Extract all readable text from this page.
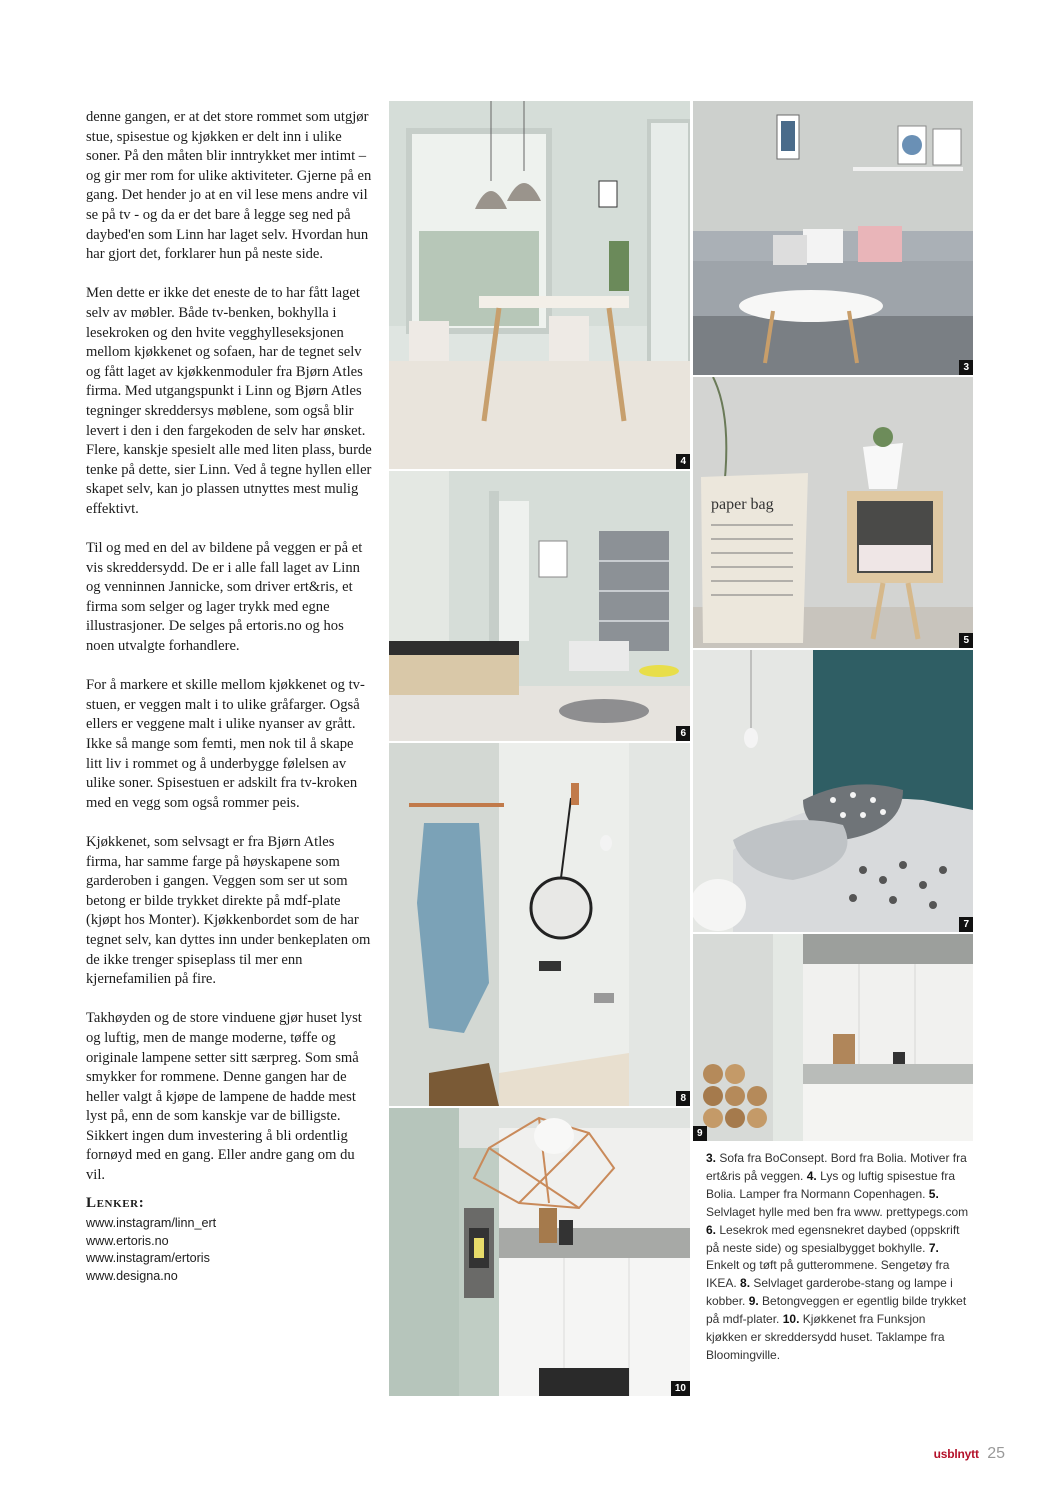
denne gangen, er at det store rommet som utgjør stue, spisestue og kjøkken er delt inn i ulike soner. På den måten blir inntrykket mer intimt – og gir mer rom for ulike aktiviteter. Gjerne på en gang. Det hender jo at en vil lese mens andre vil se på tv - og da er det bare å legge seg ned på daybed'en som Linn har laget selv. Hvordan hun har gjort det, forklarer hun på neste side.

Men dette er ikke det eneste de to har fått laget selv av møbler. Både tv-benken, bokhylla i lesekroken og den hvite vegghylleseksjonen mellom kjøkkenet og sofaen, har de tegnet selv og fått laget av kjøkkenmoduler fra Bjørn Atles firma. Med utgangspunkt i Linn og Bjørn Atles tegninger skreddersys møblene, som også blir levert i den i den fargekoden de selv har ønsket. Flere, kanskje spesielt alle med liten plass, burde tenke på dette, sier Linn. Ved å tegne hyllen eller skapet selv, kan jo plassen utnyttes mest mulig effektivt.

Til og med en del av bildene på veggen er på et vis skreddersydd. De er i alle fall laget av Linn og venninnen Jannicke, som driver ert&ris, et firma som selger og lager trykk med egne illustrasjoner. De selges på ertoris.no og hos noen utvalgte forhandlere.

For å markere et skille mellom kjøkkenet og tv-stuen, er veggen malt i to ulike gråfarger. Også ellers er veggene malt i ulike nyanser av grått. Ikke så mange som femti, men nok til å skape litt liv i rommet og å underbygge følelsen av ulike soner. Spisestuen er adskilt fra tv-kroken med en vegg som også rommer peis.

Kjøkkenet, som selvsagt er fra Bjørn Atles firma, har samme farge på høyskapene som garderoben i gangen. Veggen som ser ut som betong er bilde trykket direkte på mdf-plate (kjøpt hos Monter). Kjøkkenbordet som de har tegnet selv, kan dyttes inn under benkeplaten om de ikke trenger spiseplass til mer enn kjernefamilien på fire.

Takhøyden og de store vinduene gjør huset lyst og luftig, men de mange moderne, tøffe og originale lampene setter sitt særpreg. Som små smykker for rommene. Denne gangen har de heller valgt å kjøpe de lampene de hadde mest lyst på, enn de som kanskje var de billigste. Sikkert ingen dum investering å bli ordentlig fornøyd med en gang. Eller andre gang om du vil.

Lenker:
www.instagram/linn_ert
www.ertoris.no
www.instagram/ertoris
www.designa.no
4
3
paper bag
5
6
7
8
9
10
3. Sofa fra BoConsept. Bord fra Bolia. Motiver fra ert&ris på veggen. 4. Lys og luftig spisestue fra Bolia. Lamper fra Normann Copenhagen. 5. Selvlaget hylle med ben fra www. prettypegs.com 6. Lesekrok med egensnekret daybed (oppskrift på neste side) og spesialbygget bokhylle. 7. Enkelt og tøft på gutterommene. Sengetøy fra IKEA. 8. Selvlaget garderobe-stang og lampe i kobber. 9. Betongveggen er egentlig bilde trykket på mdf-plater. 10. Kjøkkenet fra Funksjon kjøkken er skreddersydd huset. Taklampe fra Bloomingville.
usblnytt 25
